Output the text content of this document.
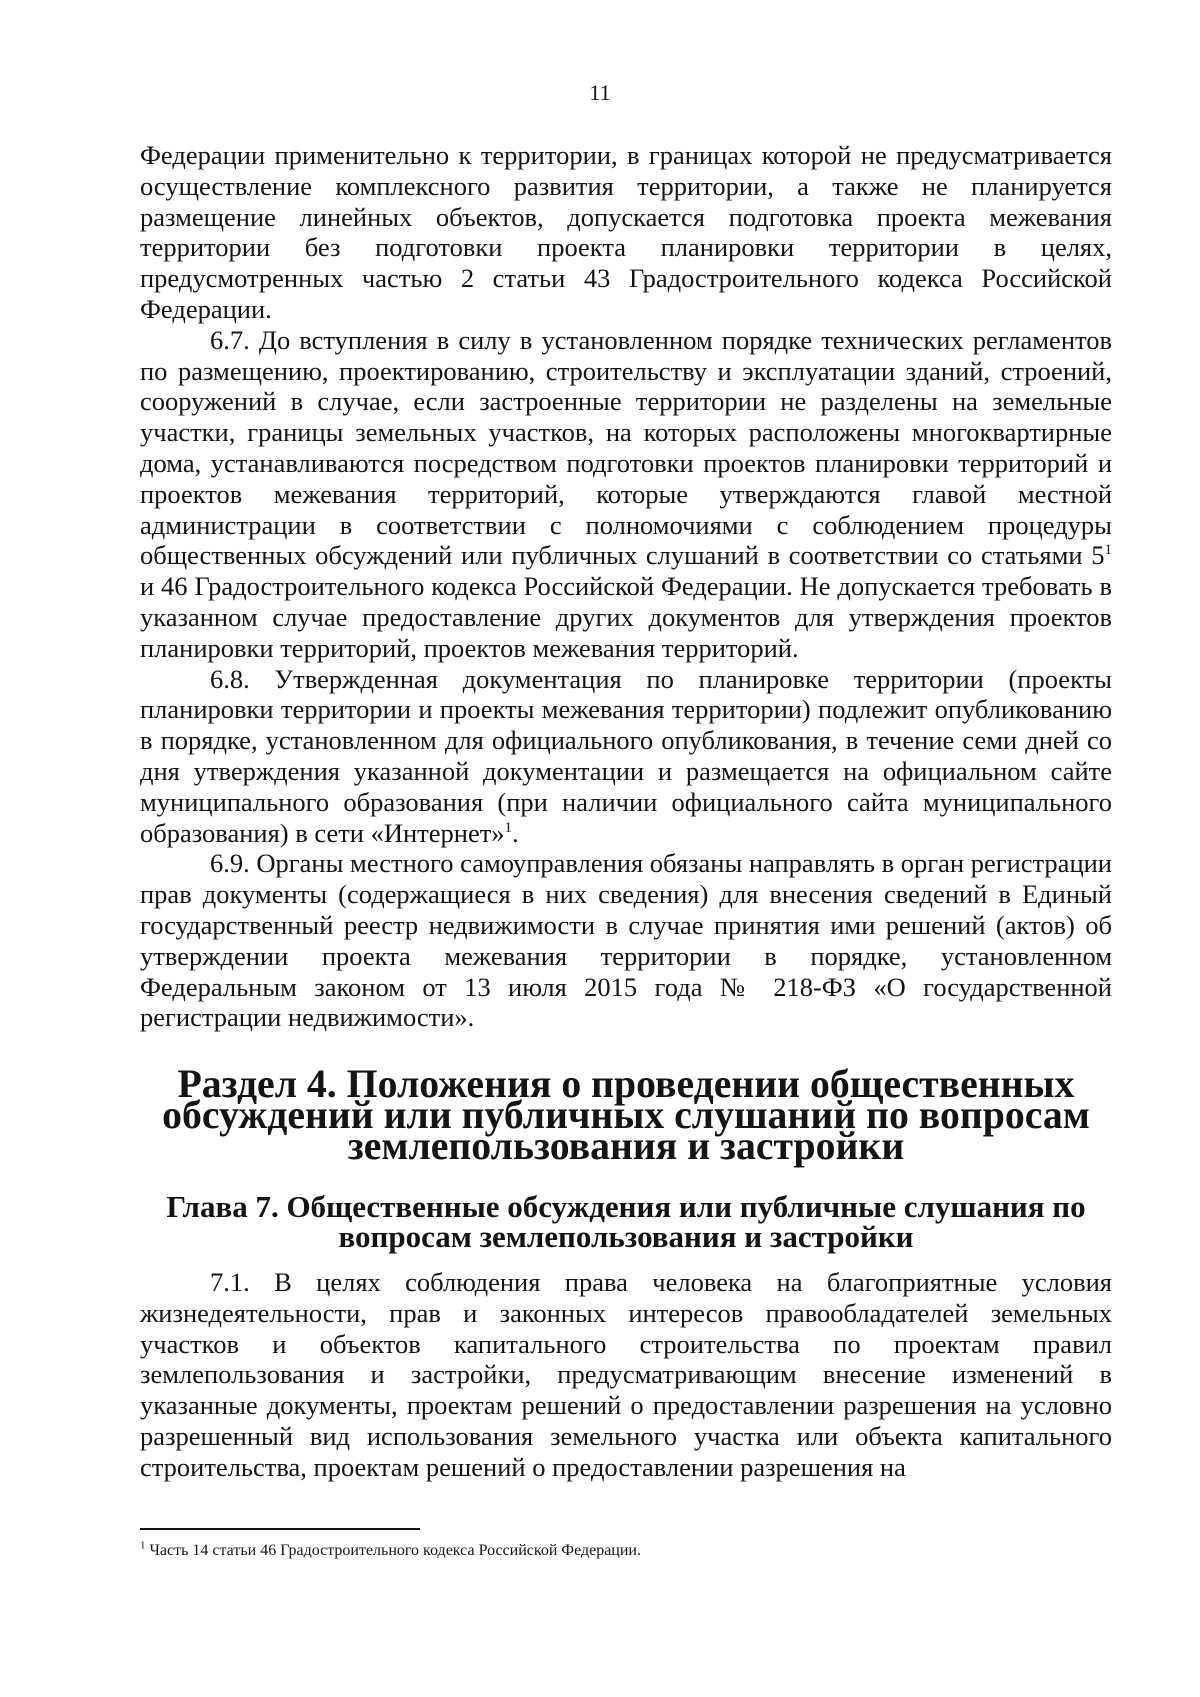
11

Федерации применительно к территории, в границах которой не предусматривается осуществление комплексного развития территории, а также не планируется размещение линейных объектов, допускается подготовка проекта межевания территории без подготовки проекта планировки территории в целях, предусмотренных частью 2 статьи 43 Градостроительного кодекса Российской Федерации.

6.7. До вступления в силу в установленном порядке технических регламентов по размещению, проектированию, строительству и эксплуатации зданий, строений, сооружений в случае, если застроенные территории не разделены на земельные участки, границы земельных участков, на которых расположены многоквартирные дома, устанавливаются посредством подготовки проектов планировки территорий и проектов межевания территорий, которые утверждаются главой местной администрации в соответствии с полномочиями с соблюдением процедуры общественных обсуждений или публичных слушаний в соответствии со статьями $5^1$ и 46 Градостроительного кодекса Российской Федерации. Не допускается требовать в указанном случае предоставление других документов для утверждения проектов планировки территорий, проектов межевания территорий.

6.8. Утвержденная документация по планировке территории (проекты планировки территории и проекты межевания территории) подлежит опубликованию в порядке, установленном для официального опубликования, в течение семи дней со дня утверждения указанной документации и размещается на официальном сайте муниципального образования (при наличии официального сайта муниципального образования) в сети «Интернет»$^1$.

6.9. Органы местного самоуправления обязаны направлять в орган регистрации прав документы (содержащиеся в них сведения) для внесения сведений в Единый государственный реестр недвижимости в случае принятия ими решений (актов) об утверждении проекта межевания территории в порядке, установленном Федеральным законом от 13 июля 2015 года № 218-ФЗ «О государственной регистрации недвижимости».

Раздел 4. Положения о проведении общественных обсуждений или публичных слушаний по вопросам землепользования и застройки
Глава 7. Общественные обсуждения или публичные слушания по вопросам землепользования и застройки

7.1. В целях соблюдения права человека на благоприятные условия жизнедеятельности, прав и законных интересов правообладателей земельных участков и объектов капитального строительства по проектам правил землепользования и застройки, предусматривающим внесение изменений в указанные документы, проектам решений о предоставлении разрешения на условно разрешенный вид использования земельного участка или объекта капитального строительства, проектам решений о предоставлении разрешения на

$^1$ Часть 14 статьи 46 Градостроительного кодекса Российской Федерации.
